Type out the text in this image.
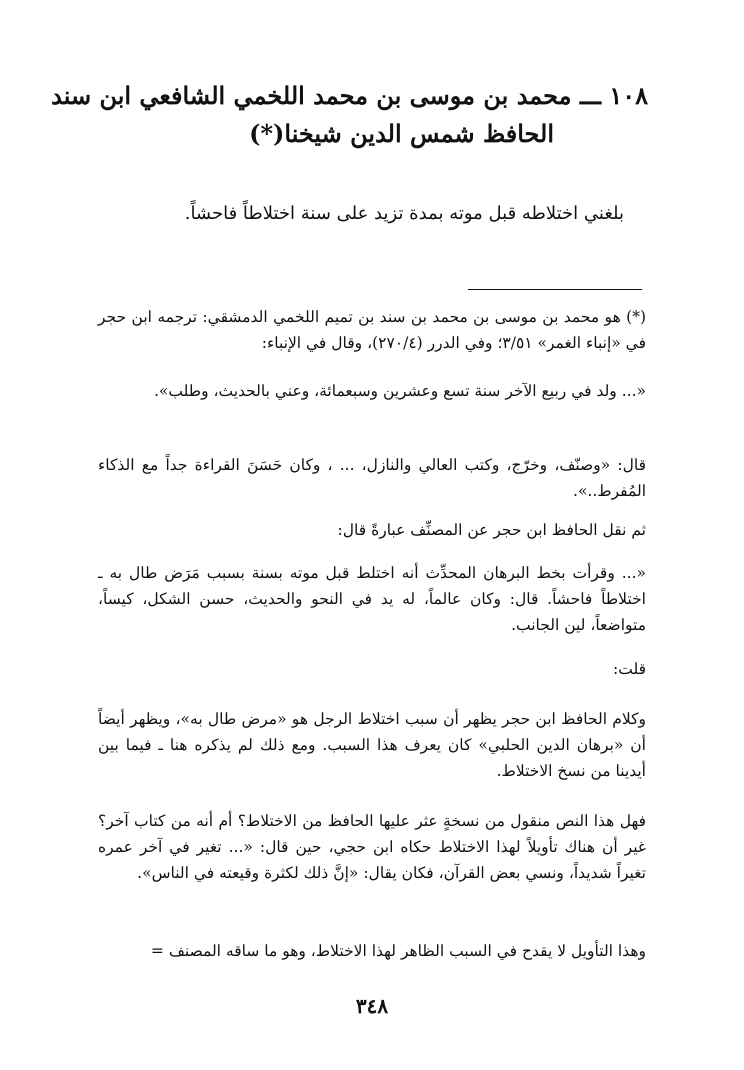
١٠٨ ـــ محمد بن موسى بن محمد اللخمي الشافعي ابن سند
الحافظ شمس الدين شيخنا(*)
بلغني اختلاطه قبل موته بمدة تزيد على سنة اختلاطاً فاحشاً.

(*) هو محمد بن موسى بن محمد بن سند بن تميم اللخمي الدمشقي: ترجمه ابن حجر في «إنباء الغمر» ٣/٥١؛ وفي الدرر (٢٧٠/٤)، وقال في الإنباء:

«... ولد في ربيع الآخر سنة تسع وعشرين وسبعمائة، وعني بالحديث، وطلب».

قال: «وصنّف، وخرّج، وكتب العالي والنازل، ... ، وكان حَسَنَ القراءة جداً مع الذكاء المُفرط..».

ثم نقل الحافظ ابن حجر عن المصنِّف عبارةً قال:

«... وقرأت بخط البرهان المحدِّث أنه اختلط قبل موته بسنة بسبب مَرَض طال به ـ اختلاطاً فاحشاً. قال: وكان عالماً، له يد في النحو والحديث، حسن الشكل، كيساً، متواضعاً، لين الجانب.

قلت:

وكلام الحافظ ابن حجر يظهر أن سبب اختلاط الرجل هو «مرض طال به»، ويظهر أيضاً أن «برهان الدين الحلبي» كان يعرف هذا السبب. ومع ذلك لم يذكره هنا ـ فيما بين أيدينا من نسخ الاختلاط.

فهل هذا النص منقول من نسخةٍ عثر عليها الحافظ من الاختلاط؟ أم أنه من كتاب آخر؟ غير أن هناك تأويلاً لهذا الاختلاط حكاه ابن حجي، حين قال: «... تغير في آخر عمره تغيراً شديداً، ونسي بعض القرآن، فكان يقال: «إنَّ ذلك لكثرة وقيعته في الناس».

وهذا التأويل لا يقدح في السبب الظاهر لهذا الاختلاط، وهو ما ساقه المصنف =

٣٤٨
